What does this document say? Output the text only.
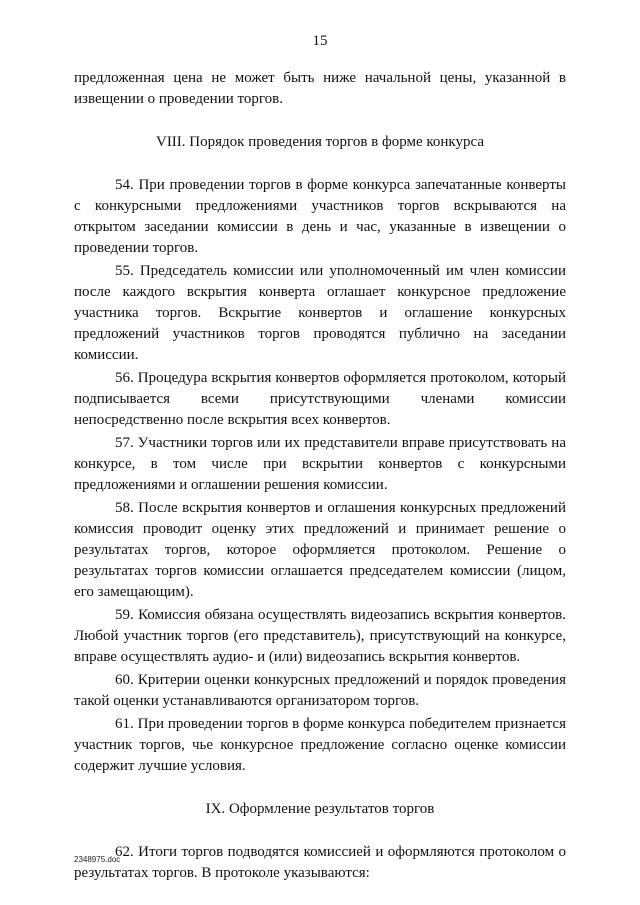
15

предложенная цена не может быть ниже начальной цены, указанной в извещении о проведении торгов.

VIII. Порядок проведения торгов в форме конкурса

54. При проведении торгов в форме конкурса запечатанные конверты с конкурсными предложениями участников торгов вскрываются на открытом заседании комиссии в день и час, указанные в извещении о проведении торгов.

55. Председатель комиссии или уполномоченный им член комиссии после каждого вскрытия конверта оглашает конкурсное предложение участника торгов. Вскрытие конвертов и оглашение конкурсных предложений участников торгов проводятся публично на заседании комиссии.

56. Процедура вскрытия конвертов оформляется протоколом, который подписывается всеми присутствующими членами комиссии непосредственно после вскрытия всех конвертов.

57. Участники торгов или их представители вправе присутствовать на конкурсе, в том числе при вскрытии конвертов с конкурсными предложениями и оглашении решения комиссии.

58. После вскрытия конвертов и оглашения конкурсных предложений комиссия проводит оценку этих предложений и принимает решение о результатах торгов, которое оформляется протоколом. Решение о результатах торгов комиссии оглашается председателем комиссии (лицом, его замещающим).

59. Комиссия обязана осуществлять видеозапись вскрытия конвертов. Любой участник торгов (его представитель), присутствующий на конкурсе, вправе осуществлять аудио- и (или) видеозапись вскрытия конвертов.

60. Критерии оценки конкурсных предложений и порядок проведения такой оценки устанавливаются организатором торгов.

61. При проведении торгов в форме конкурса победителем признается участник торгов, чье конкурсное предложение согласно оценке комиссии содержит лучшие условия.

IX. Оформление результатов торгов

62. Итоги торгов подводятся комиссией и оформляются протоколом о результатах торгов. В протоколе указываются:

2348975.doc
